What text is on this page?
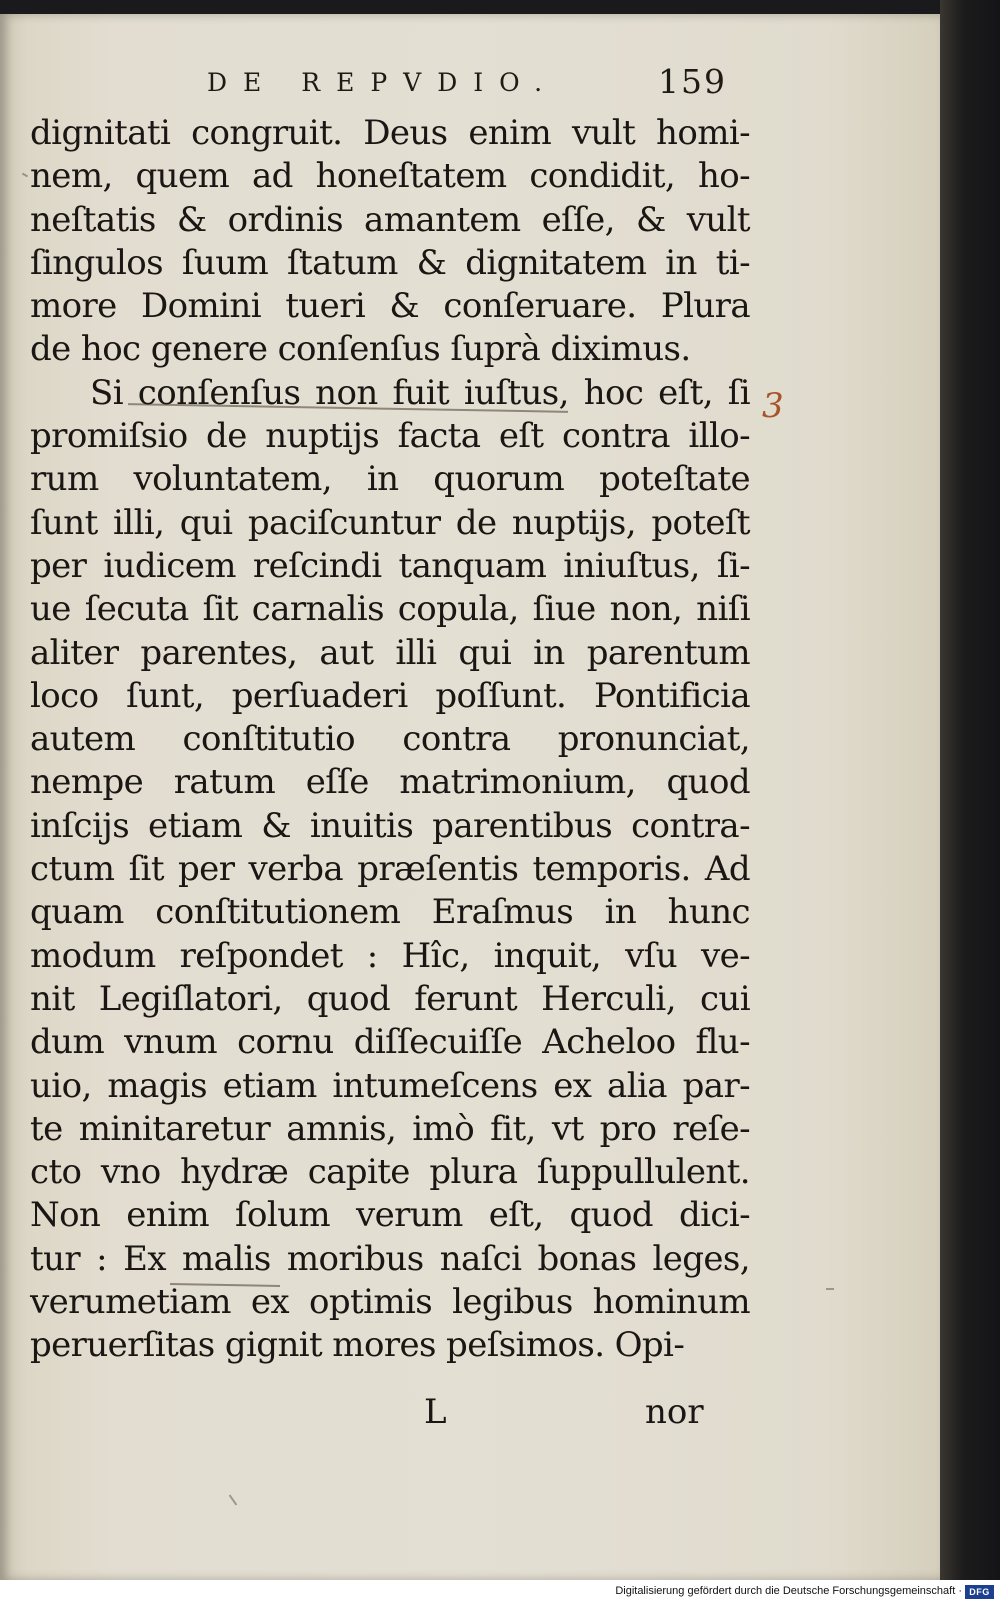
DE REPVDIO.	159
dignitati congruit. Deus enim vult homi-
nem, quem ad honeſtatem condidit, ho-
neſtatis & ordinis amantem eſſe, & vult
ſingulos ſuum ſtatum & dignitatem in ti-
more Domini tueri & conſeruare. Plura
de hoc genere conſenſus ſuprà diximus.
Si conſenſus non fuit iuſtus, hoc eſt, ſi
promiſsio de nuptijs facta eſt contra illo-
rum voluntatem, in quorum poteſtate
ſunt illi, qui paciſcuntur de nuptijs, poteſt
per iudicem reſcindi tanquam iniuſtus, ſi-
ue ſecuta ſit carnalis copula, ſiue non, niſi
aliter parentes, aut illi qui in parentum
loco ſunt, perſuaderi poſſunt. Pontificia
autem conſtitutio contra pronunciat,
nempe ratum eſſe matrimonium, quod
inſcijs etiam & inuitis parentibus contra-
ctum ſit per verba præſentis temporis. Ad
quam conſtitutionem Eraſmus in hunc
modum reſpondet : Hîc, inquit, vſu ve-
nit Legiſlatori, quod ferunt Herculi, cui
dum vnum cornu diſſecuiſſe Acheloo flu-
uio, magis etiam intumeſcens ex alia par-
te minitaretur amnis, imò fit, vt pro reſe-
cto vno hydræ capite plura ſuppullulent.
Non enim ſolum verum eſt, quod dici-
tur : Ex malis moribus naſci bonas leges,
verumetiam ex optimis legibus hominum
peruerſitas gignit mores peſsimos. Opi-
3
L	nor
Digitalisierung gefördert durch die Deutsche Forschungsgemeinschaft · DFG
